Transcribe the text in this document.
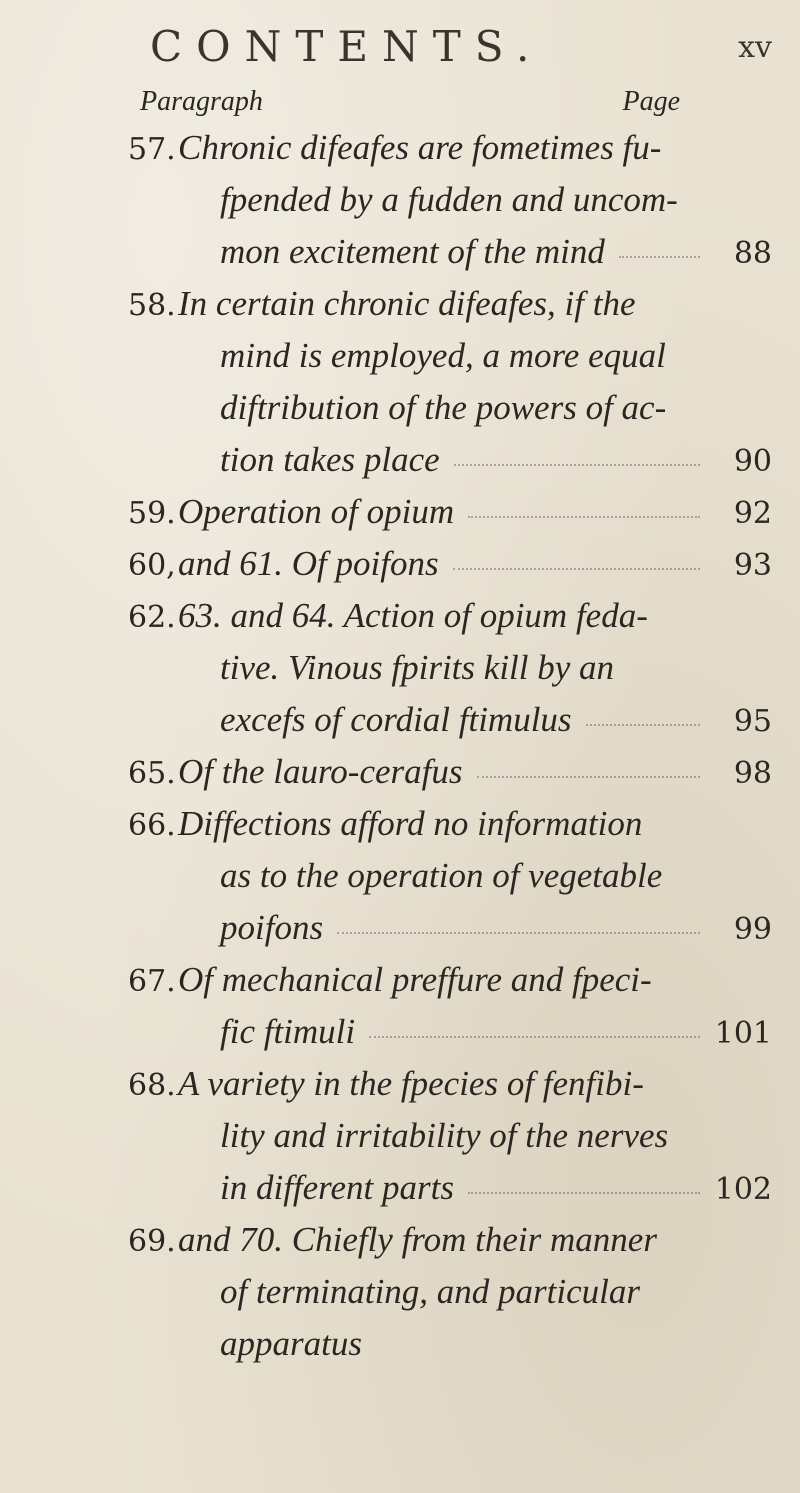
CONTENTS.	xv
Paragraph	Page
57. Chronic difeafes are fometimes fu-
fpended by a fudden and uncom-
mon excitement of the mind	88
58. In certain chronic difeafes, if the
mind is employed, a more equal
diftribution of the powers of ac-
tion takes place	90
59. Operation of opium	92
60, and 61. Of poifons	93
62. 63. and 64. Action of opium feda-
tive. Vinous fpirits kill by an
excefs of cordial ftimulus	95
65. Of the lauro-cerafus	98
66. Diffections afford no information
as to the operation of vegetable
poifons	99
67. Of mechanical preffure and fpeci-
fic ftimuli	101
68. A variety in the fpecies of fenfibi-
lity and irritability of the nerves
in different parts	102
69. and 70. Chiefly from their manner
of terminating, and particular
apparatus
